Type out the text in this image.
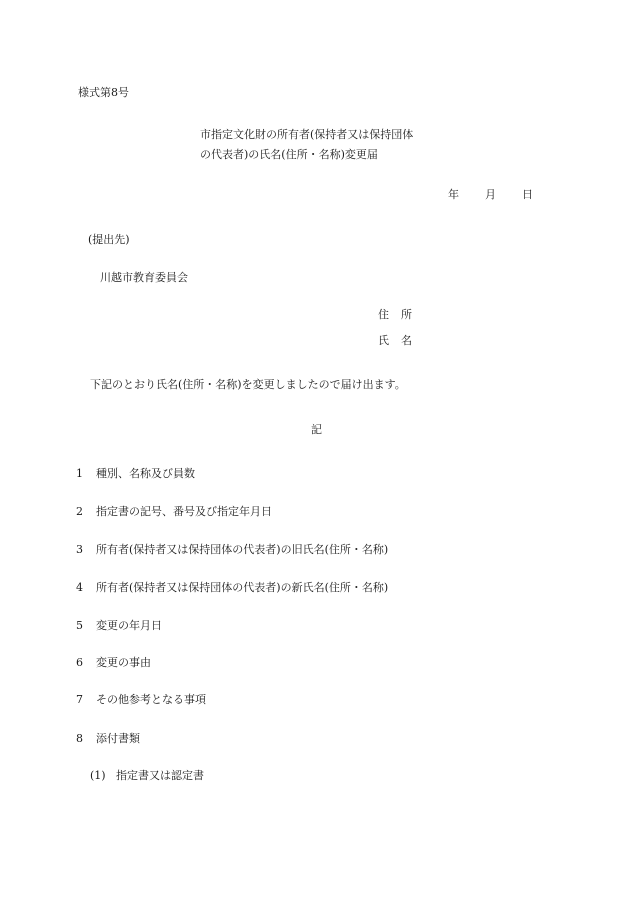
様式第8号
市指定文化財の所有者(保持者又は保持団体
の代表者)の氏名(住所・名称)変更届
年 月 日
(提出先)
川越市教育委員会
住 所
氏 名
下記のとおり氏名(住所・名称)を変更しましたので届け出ます。
記
1 種別、名称及び員数
2 指定書の記号、番号及び指定年月日
3 所有者(保持者又は保持団体の代表者)の旧氏名(住所・名称)
4 所有者(保持者又は保持団体の代表者)の新氏名(住所・名称)
5 変更の年月日
6 変更の事由
7 その他参考となる事項
8 添付書類
(1) 指定書又は認定書
